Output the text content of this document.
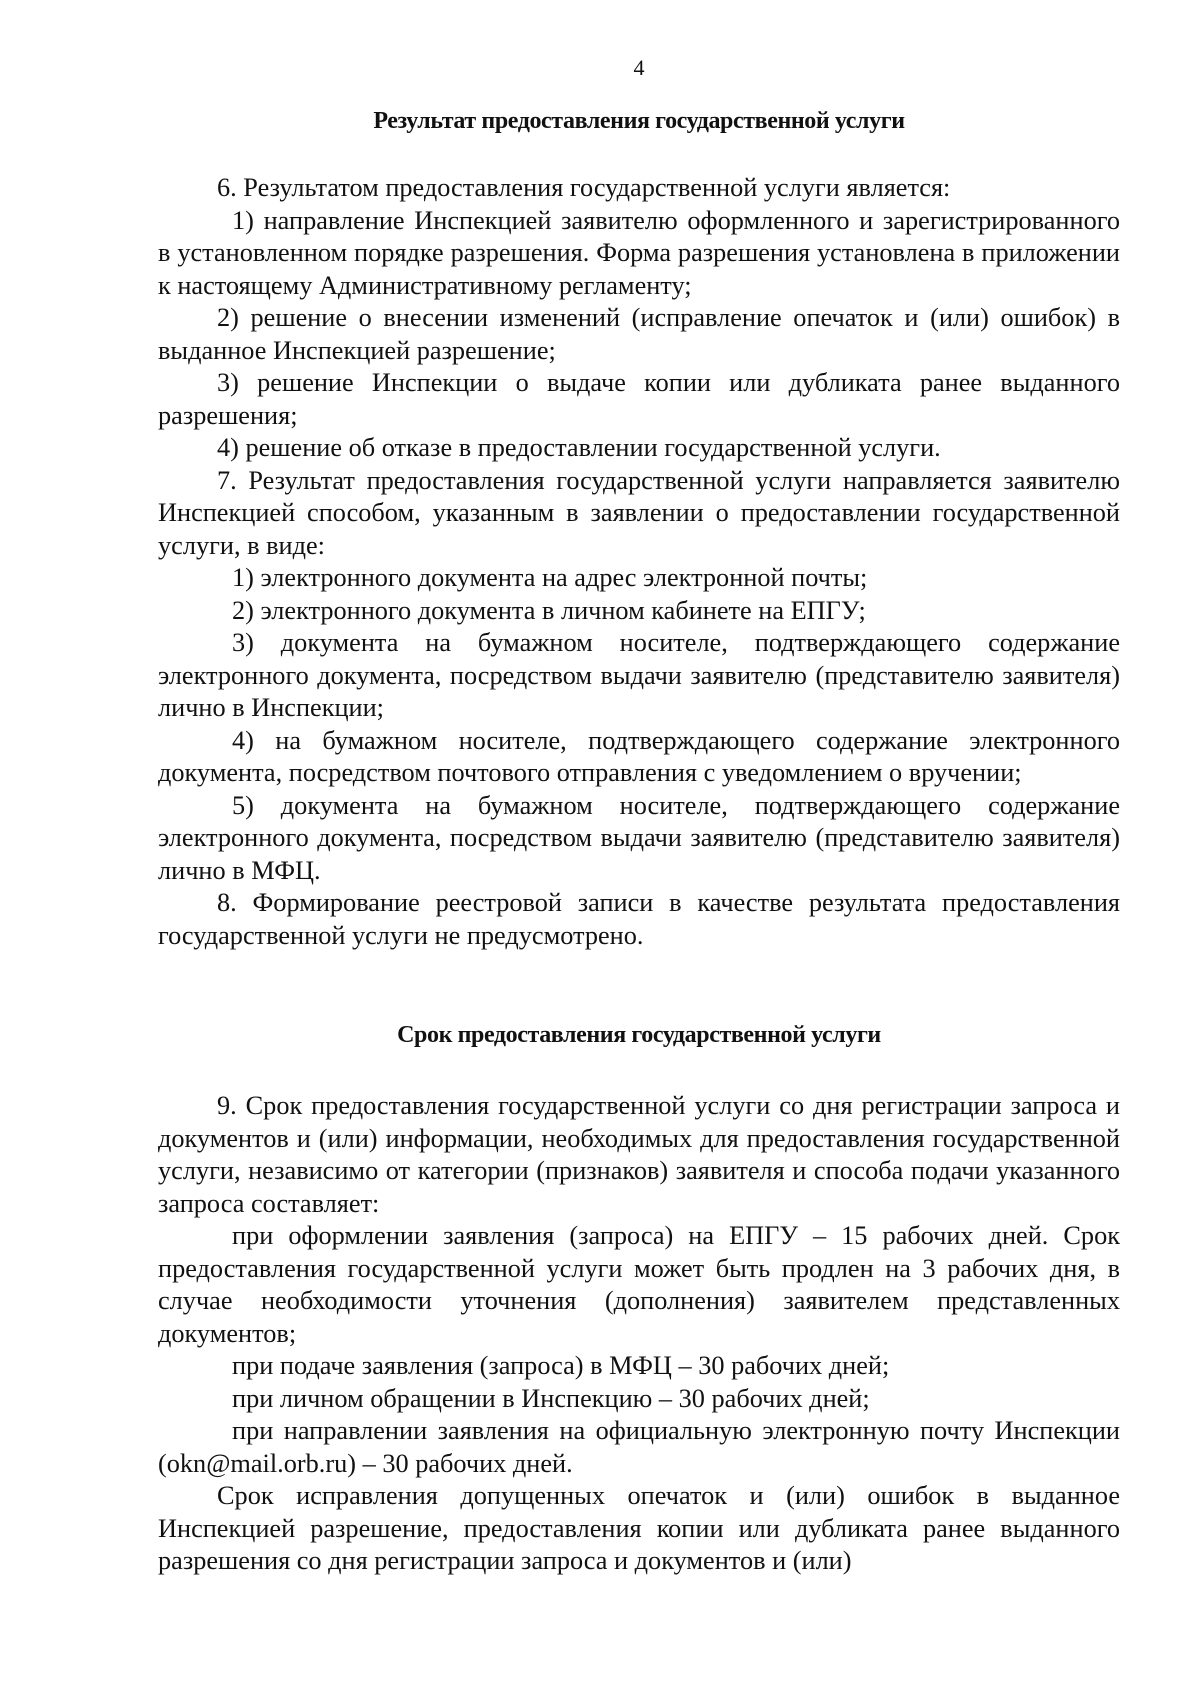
4
Результат предоставления государственной услуги

6. Результатом предоставления государственной услуги является:

1) направление Инспекцией заявителю оформленного и зарегистрированного в установленном порядке разрешения. Форма разрешения установлена в приложении к настоящему Административному регламенту;

2) решение о внесении изменений (исправление опечаток и (или) ошибок) в выданное Инспекцией разрешение;

3) решение Инспекции о выдаче копии или дубликата ранее выданного разрешения;

4) решение об отказе в предоставлении государственной услуги.

7. Результат предоставления государственной услуги направляется заявителю Инспекцией способом, указанным в заявлении о предоставлении государственной услуги, в виде:

1) электронного документа на адрес электронной почты;

2) электронного документа в личном кабинете на ЕПГУ;

3) документа на бумажном носителе, подтверждающего содержание электронного документа, посредством выдачи заявителю (представителю заявителя) лично в Инспекции;

4) на бумажном носителе, подтверждающего содержание электронного документа, посредством почтового отправления с уведомлением о вручении;

5) документа на бумажном носителе, подтверждающего содержание электронного документа, посредством выдачи заявителю (представителю заявителя) лично в МФЦ.

8. Формирование реестровой записи в качестве результата предоставления государственной услуги не предусмотрено.

Срок предоставления государственной услуги

9. Срок предоставления государственной услуги со дня регистрации запроса и документов и (или) информации, необходимых для предоставления государственной услуги, независимо от категории (признаков) заявителя и способа подачи указанного запроса составляет:

при оформлении заявления (запроса) на ЕПГУ – 15 рабочих дней. Срок предоставления государственной услуги может быть продлен на 3 рабочих дня, в случае необходимости уточнения (дополнения) заявителем представленных документов;

при подаче заявления (запроса) в МФЦ – 30 рабочих дней;

при личном обращении в Инспекцию – 30 рабочих дней;

при направлении заявления на официальную электронную почту Инспекции (okn@mail.orb.ru) – 30 рабочих дней.

Срок исправления допущенных опечаток и (или) ошибок в выданное Инспекцией разрешение, предоставления копии или дубликата ранее выданного разрешения со дня регистрации запроса и документов и (или)
